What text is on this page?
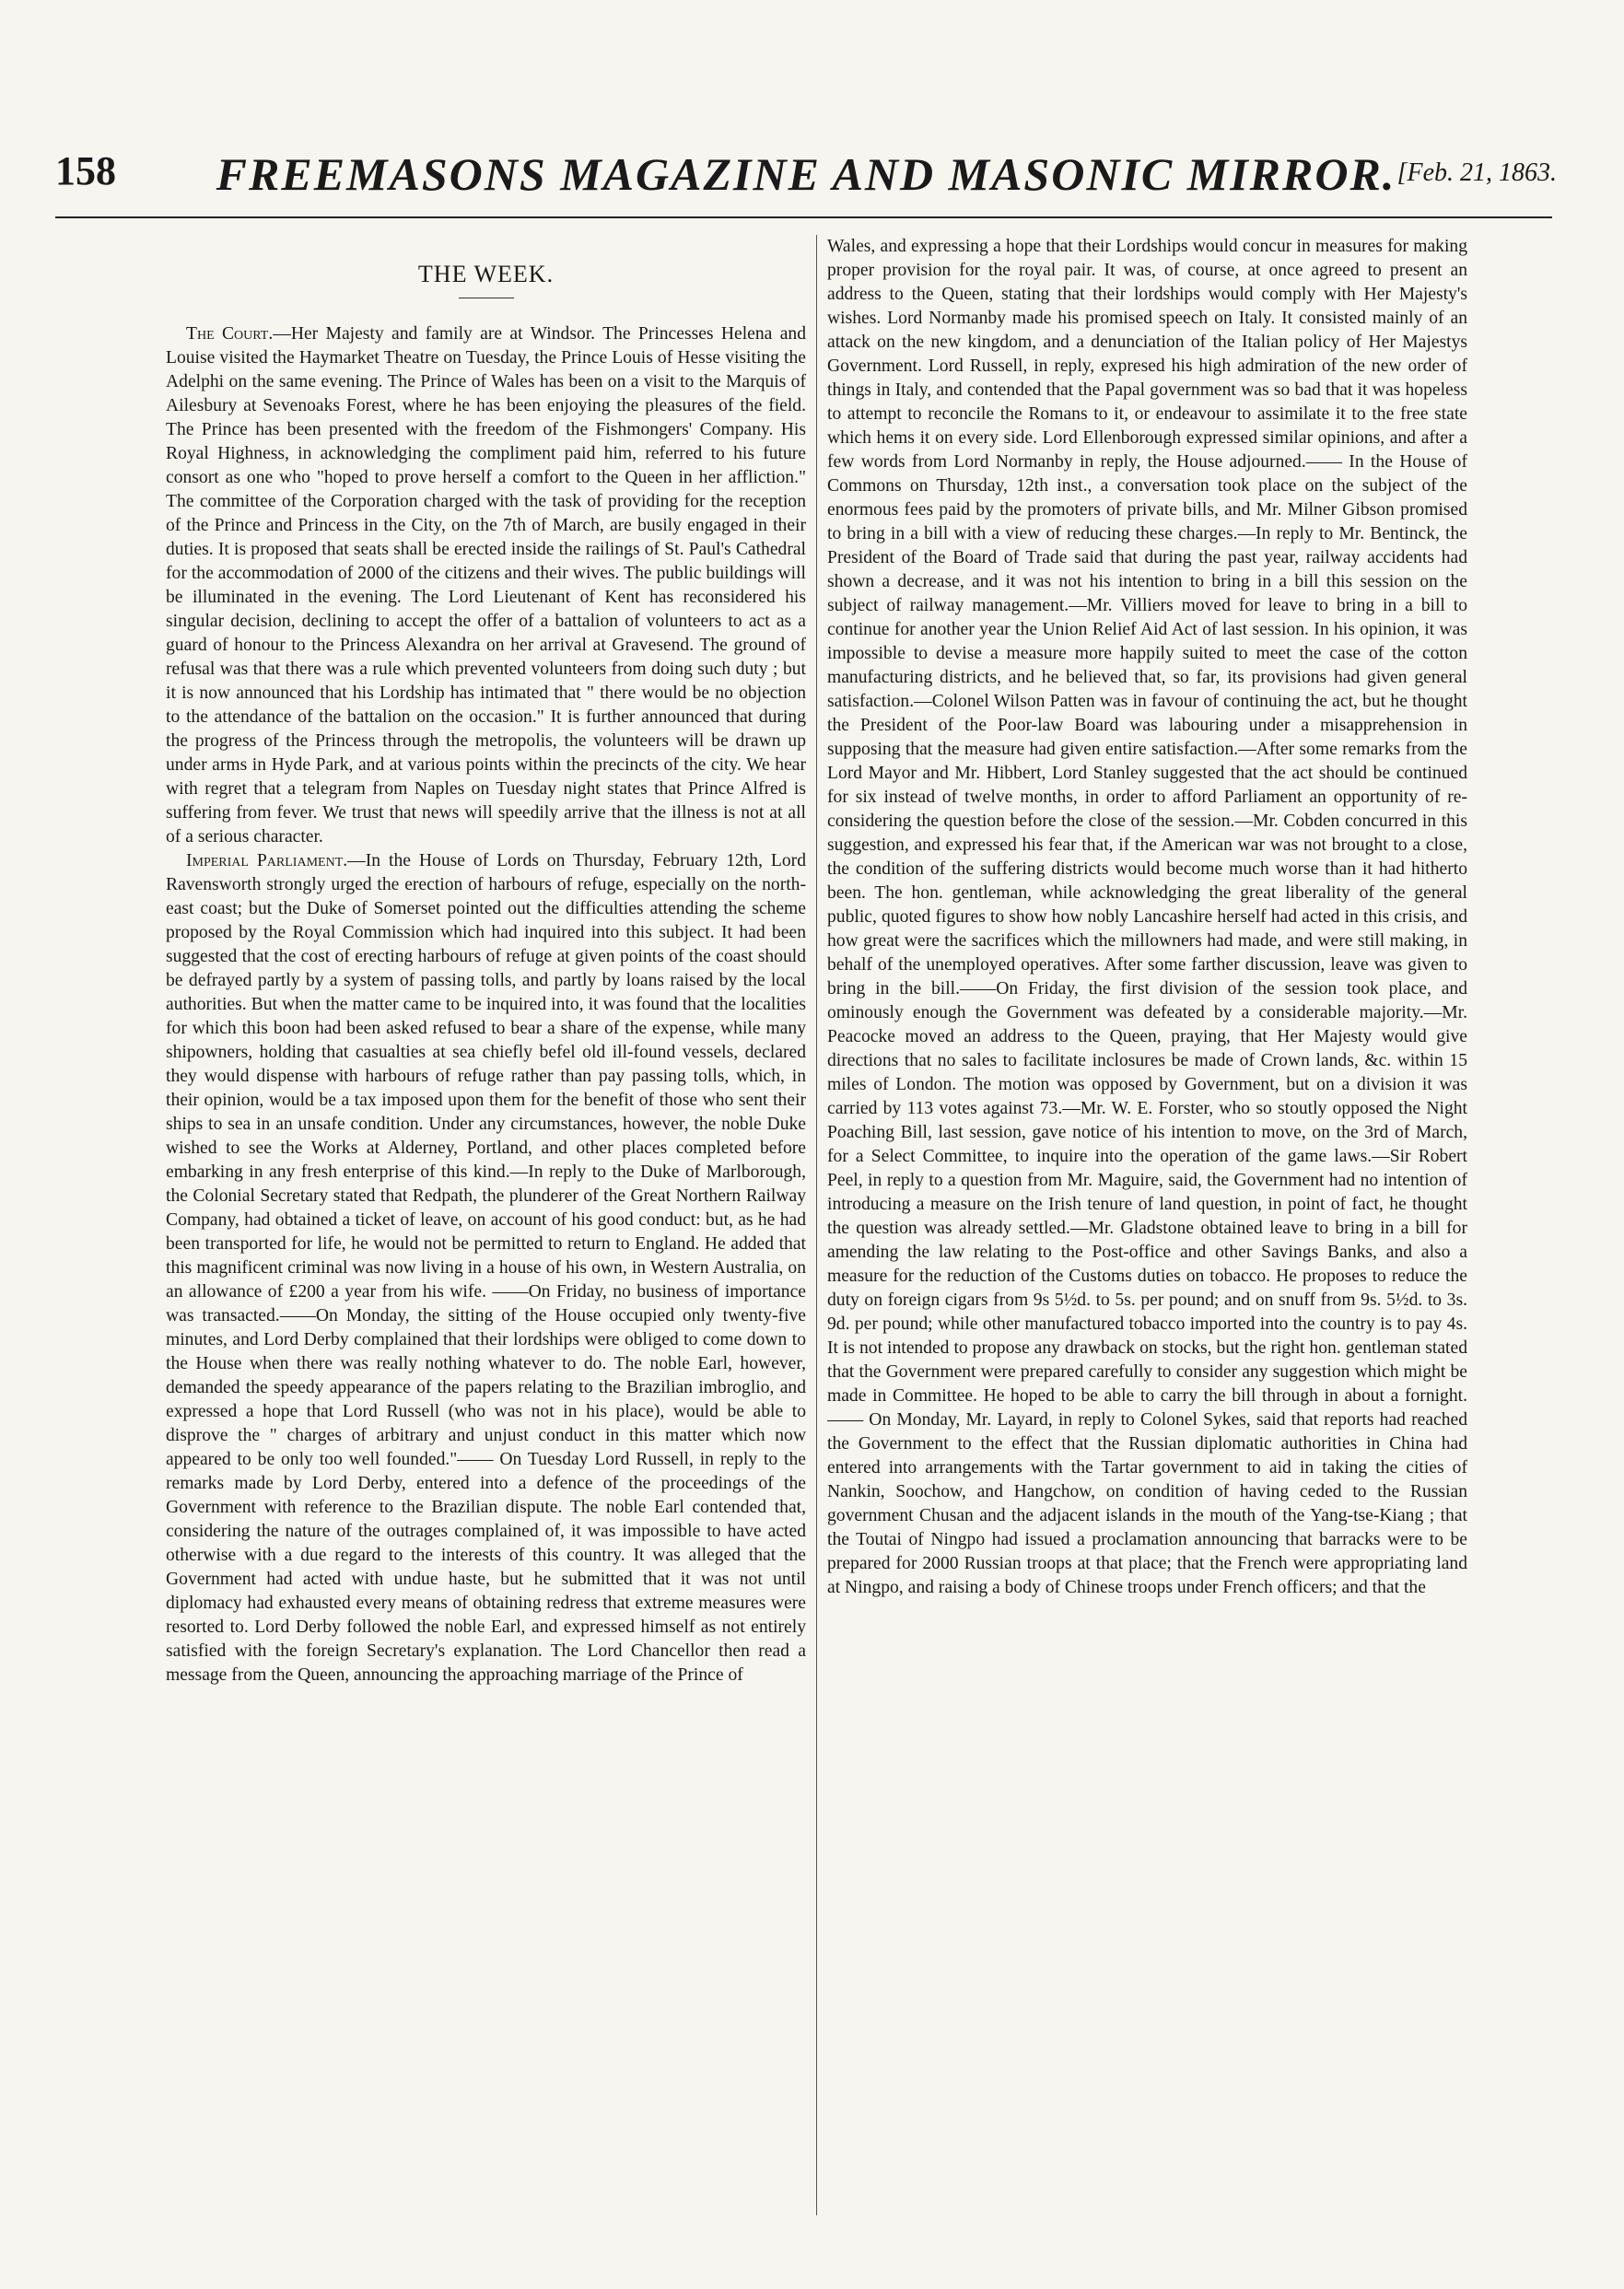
158	FREEMASONS MAGAZINE AND MASONIC MIRROR. [Feb. 21, 1863.
THE WEEK.

The Court.—Her Majesty and family are at Windsor. The Princesses Helena and Louise visited the Haymarket Theatre on Tuesday, the Prince Louis of Hesse visiting the Adelphi on the same evening. The Prince of Wales has been on a visit to the Marquis of Ailesbury at Sevenoaks Forest, where he has been enjoying the pleasures of the field. The Prince has been presented with the freedom of the Fishmongers' Company. His Royal Highness, in acknowledging the compliment paid him, referred to his future consort as one who "hoped to prove herself a comfort to the Queen in her affliction." The committee of the Corporation charged with the task of providing for the reception of the Prince and Princess in the City, on the 7th of March, are busily engaged in their duties. It is proposed that seats shall be erected inside the railings of St. Paul's Cathedral for the accommodation of 2000 of the citizens and their wives. The public buildings will be illuminated in the evening. The Lord Lieutenant of Kent has reconsidered his singular decision, declining to accept the offer of a battalion of volunteers to act as a guard of honour to the Princess Alexandra on her arrival at Gravesend. The ground of refusal was that there was a rule which prevented volunteers from doing such duty ; but it is now announced that his Lordship has intimated that " there would be no objection to the attendance of the battalion on the occasion." It is further announced that during the progress of the Princess through the metropolis, the volunteers will be drawn up under arms in Hyde Park, and at various points within the precincts of the city. We hear with regret that a telegram from Naples on Tuesday night states that Prince Alfred is suffering from fever. We trust that news will speedily arrive that the illness is not at all of a serious character.

Imperial Parliament.—In the House of Lords on Thursday, February 12th, Lord Ravensworth strongly urged the erection of harbours of refuge, especially on the north-east coast; but the Duke of Somerset pointed out the difficulties attending the scheme proposed by the Royal Commission which had inquired into this subject. It had been suggested that the cost of erecting harbours of refuge at given points of the coast should be defrayed partly by a system of passing tolls, and partly by loans raised by the local authorities. But when the matter came to be inquired into, it was found that the localities for which this boon had been asked refused to bear a share of the expense, while many shipowners, holding that casualties at sea chiefly befel old ill-found vessels, declared they would dispense with harbours of refuge rather than pay passing tolls, which, in their opinion, would be a tax imposed upon them for the benefit of those who sent their ships to sea in an unsafe condition. Under any circumstances, however, the noble Duke wished to see the Works at Alderney, Portland, and other places completed before embarking in any fresh enterprise of this kind.—In reply to the Duke of Marlborough, the Colonial Secretary stated that Redpath, the plunderer of the Great Northern Railway Company, had obtained a ticket of leave, on account of his good conduct: but, as he had been transported for life, he would not be permitted to return to England. He added that this magnificent criminal was now living in a house of his own, in Western Australia, on an allowance of £200 a year from his wife. ——On Friday, no business of importance was transacted.——On Monday, the sitting of the House occupied only twenty-five minutes, and Lord Derby complained that their lordships were obliged to come down to the House when there was really nothing whatever to do. The noble Earl, however, demanded the speedy appearance of the papers relating to the Brazilian imbroglio, and expressed a hope that Lord Russell (who was not in his place), would be able to disprove the " charges of arbitrary and unjust conduct in this matter which now appeared to be only too well founded."—— On Tuesday Lord Russell, in reply to the remarks made by Lord Derby, entered into a defence of the proceedings of the Government with reference to the Brazilian dispute. The noble Earl contended that, considering the nature of the outrages complained of, it was impossible to have acted otherwise with a due regard to the interests of this country. It was alleged that the Government had acted with undue haste, but he submitted that it was not until diplomacy had exhausted every means of obtaining redress that extreme measures were resorted to. Lord Derby followed the noble Earl, and expressed himself as not entirely satisfied with the foreign Secretary's explanation. The Lord Chancellor then read a message from the Queen, announcing the approaching marriage of the Prince of

Wales, and expressing a hope that their Lordships would concur in measures for making proper provision for the royal pair. It was, of course, at once agreed to present an address to the Queen, stating that their lordships would comply with Her Majesty's wishes. Lord Normanby made his promised speech on Italy. It consisted mainly of an attack on the new kingdom, and a denunciation of the Italian policy of Her Majestys Government. Lord Russell, in reply, expresed his high admiration of the new order of things in Italy, and contended that the Papal government was so bad that it was hopeless to attempt to reconcile the Romans to it, or endeavour to assimilate it to the free state which hems it on every side. Lord Ellenborough expressed similar opinions, and after a few words from Lord Normanby in reply, the House adjourned.—— In the House of Commons on Thursday, 12th inst., a conversation took place on the subject of the enormous fees paid by the promoters of private bills, and Mr. Milner Gibson promised to bring in a bill with a view of reducing these charges.—In reply to Mr. Bentinck, the President of the Board of Trade said that during the past year, railway accidents had shown a decrease, and it was not his intention to bring in a bill this session on the subject of railway management.—Mr. Villiers moved for leave to bring in a bill to continue for another year the Union Relief Aid Act of last session. In his opinion, it was impossible to devise a measure more happily suited to meet the case of the cotton manufacturing districts, and he believed that, so far, its provisions had given general satisfaction.—Colonel Wilson Patten was in favour of continuing the act, but he thought the President of the Poor-law Board was labouring under a misapprehension in supposing that the measure had given entire satisfaction.—After some remarks from the Lord Mayor and Mr. Hibbert, Lord Stanley suggested that the act should be continued for six instead of twelve months, in order to afford Parliament an opportunity of re-considering the question before the close of the session.—Mr. Cobden concurred in this suggestion, and expressed his fear that, if the American war was not brought to a close, the condition of the suffering districts would become much worse than it had hitherto been. The hon. gentleman, while acknowledging the great liberality of the general public, quoted figures to show how nobly Lancashire herself had acted in this crisis, and how great were the sacrifices which the millowners had made, and were still making, in behalf of the unemployed operatives. After some farther discussion, leave was given to bring in the bill.——On Friday, the first division of the session took place, and ominously enough the Government was defeated by a considerable majority.—Mr. Peacocke moved an address to the Queen, praying, that Her Majesty would give directions that no sales to facilitate inclosures be made of Crown lands, &c. within 15 miles of London. The motion was opposed by Government, but on a division it was carried by 113 votes against 73.—Mr. W. E. Forster, who so stoutly opposed the Night Poaching Bill, last session, gave notice of his intention to move, on the 3rd of March, for a Select Committee, to inquire into the operation of the game laws.—Sir Robert Peel, in reply to a question from Mr. Maguire, said, the Government had no intention of introducing a measure on the Irish tenure of land question, in point of fact, he thought the question was already settled.—Mr. Gladstone obtained leave to bring in a bill for amending the law relating to the Post-office and other Savings Banks, and also a measure for the reduction of the Customs duties on tobacco. He proposes to reduce the duty on foreign cigars from 9s 5½d. to 5s. per pound; and on snuff from 9s. 5½d. to 3s. 9d. per pound; while other manufactured tobacco imported into the country is to pay 4s. It is not intended to propose any drawback on stocks, but the right hon. gentleman stated that the Government were prepared carefully to consider any suggestion which might be made in Committee. He hoped to be able to carry the bill through in about a fornight.—— On Monday, Mr. Layard, in reply to Colonel Sykes, said that reports had reached the Government to the effect that the Russian diplomatic authorities in China had entered into arrangements with the Tartar government to aid in taking the cities of Nankin, Soochow, and Hangchow, on condition of having ceded to the Russian government Chusan and the adjacent islands in the mouth of the Yang-tse-Kiang ; that the Toutai of Ningpo had issued a proclamation announcing that barracks were to be prepared for 2000 Russian troops at that place; that the French were appropriating land at Ningpo, and raising a body of Chinese troops under French officers; and that the
